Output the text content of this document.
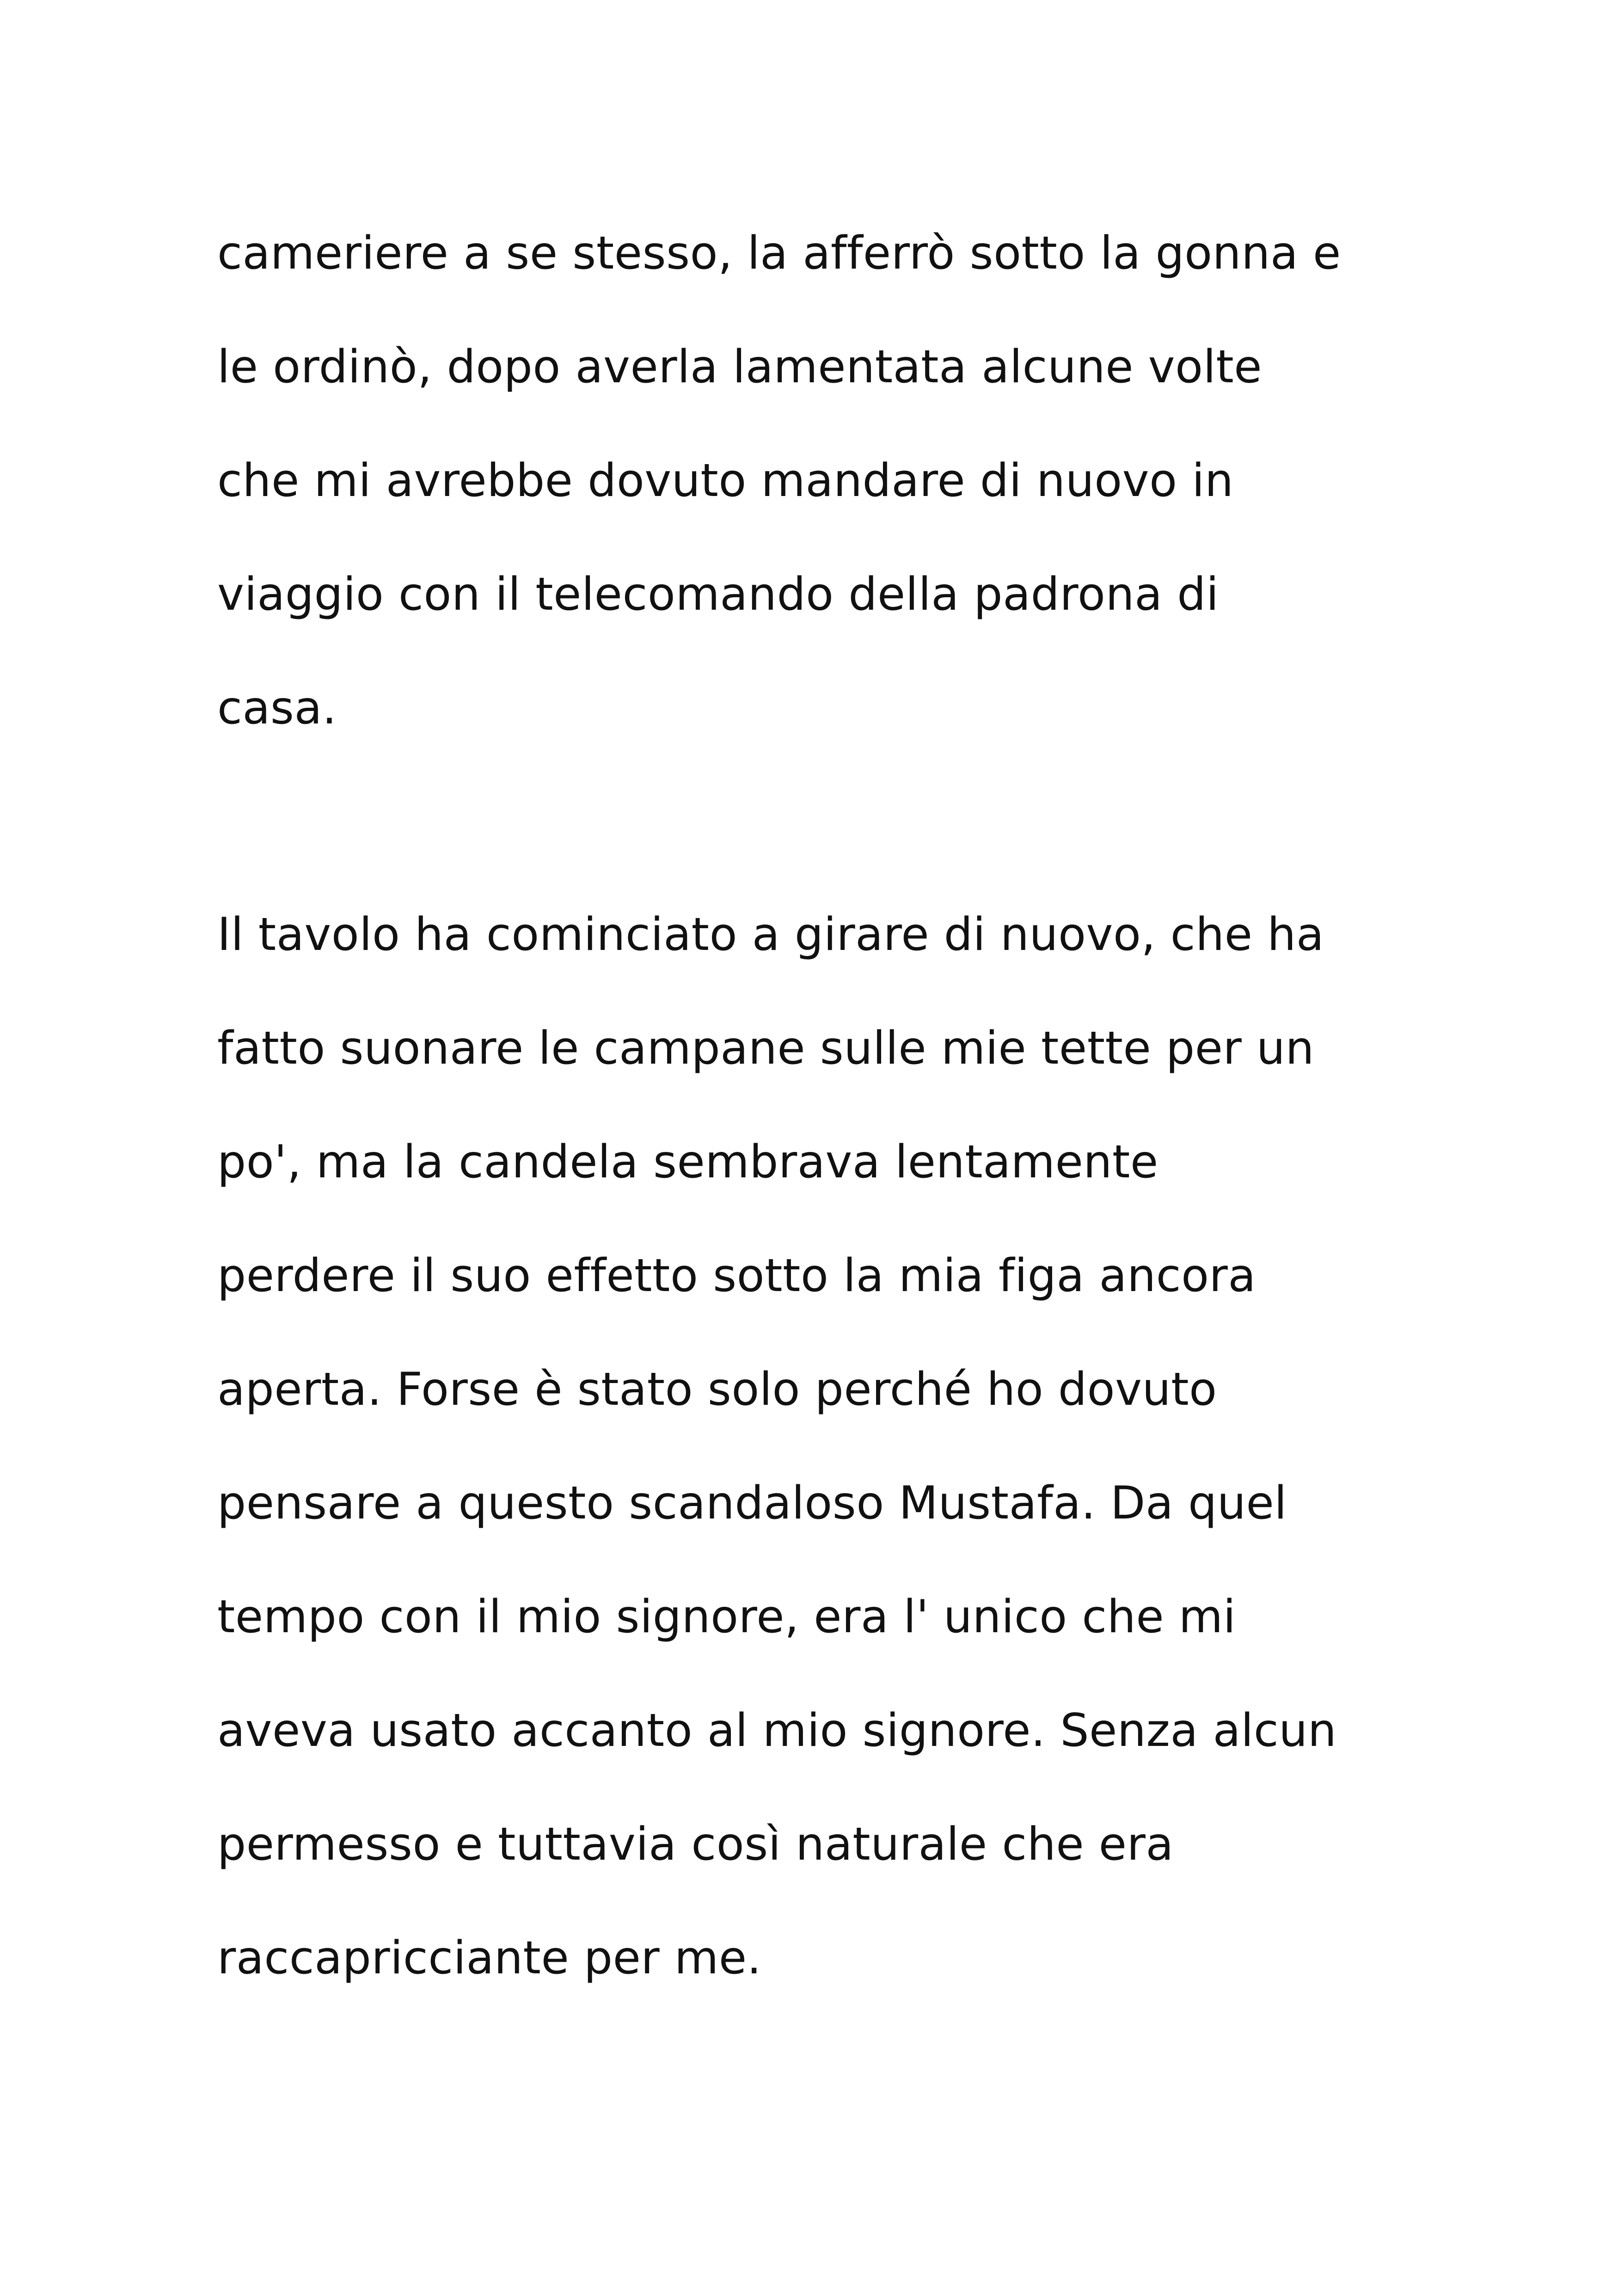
cameriere a se stesso, la afferrò sotto la gonna e

le ordinò, dopo averla lamentata alcune volte

che mi avrebbe dovuto mandare di nuovo in

viaggio con il telecomando della padrona di

casa.

Il tavolo ha cominciato a girare di nuovo, che ha

fatto suonare le campane sulle mie tette per un

po', ma la candela sembrava lentamente

perdere il suo effetto sotto la mia figa ancora

aperta. Forse è stato solo perché ho dovuto

pensare a questo scandaloso Mustafa. Da quel

tempo con il mio signore, era l' unico che mi

aveva usato accanto al mio signore. Senza alcun

permesso e tuttavia così naturale che era

raccapricciante per me.
